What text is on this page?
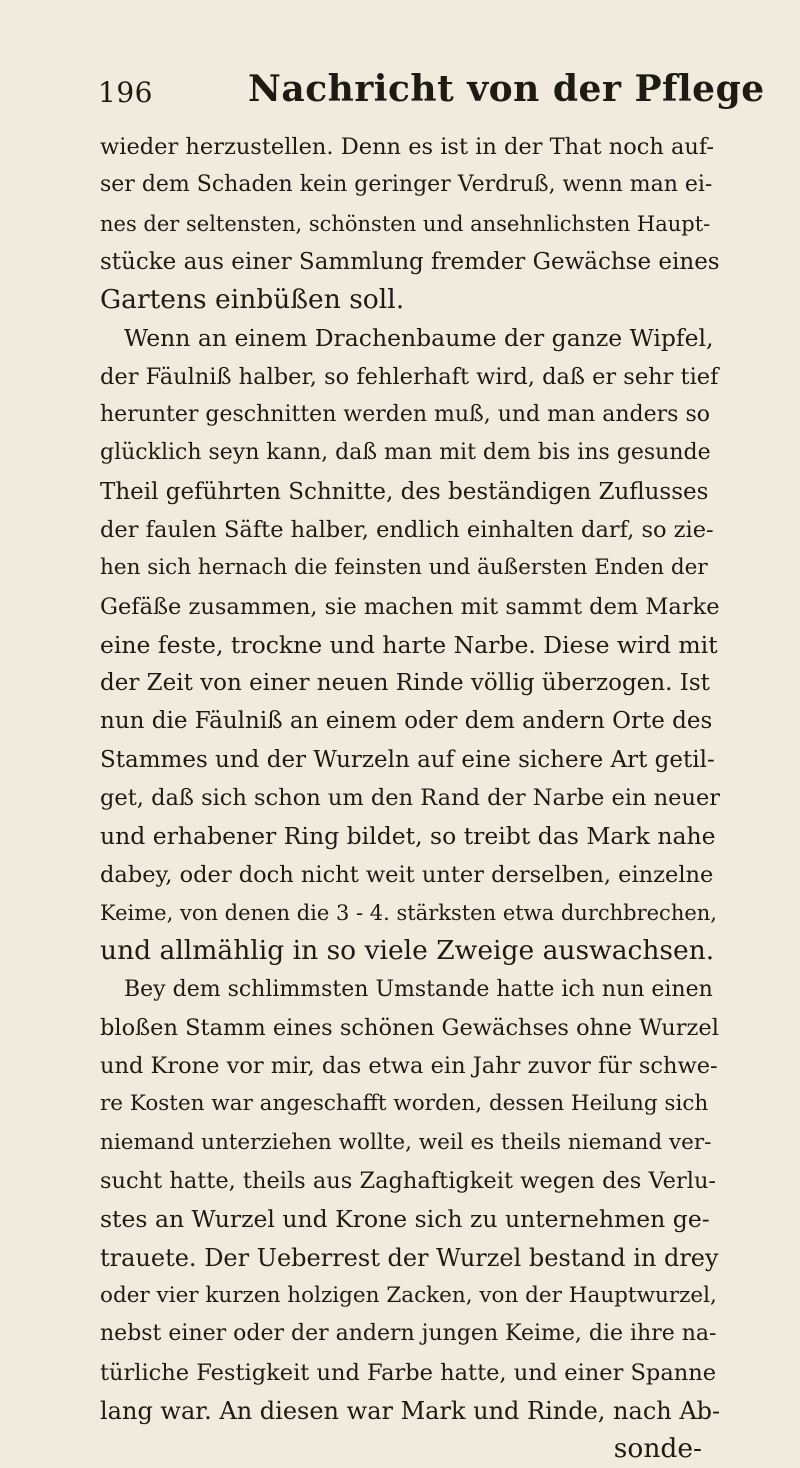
196	Nachricht von der Pflege
wieder herzustellen. Denn es ist in der That noch auf-
ser dem Schaden kein geringer Verdruß, wenn man ei-
nes der seltensten, schönsten und ansehnlichsten Haupt-
stücke aus einer Sammlung fremder Gewächse eines
Gartens einbüßen soll.
Wenn an einem Drachenbaume der ganze Wipfel,
der Fäulniß halber, so fehlerhaft wird, daß er sehr tief
herunter geschnitten werden muß, und man anders so
glücklich seyn kann, daß man mit dem bis ins gesunde
Theil geführten Schnitte, des beständigen Zuflusses
der faulen Säfte halber, endlich einhalten darf, so zie-
hen sich hernach die feinsten und äußersten Enden der
Gefäße zusammen, sie machen mit sammt dem Marke
eine feste, trockne und harte Narbe. Diese wird mit
der Zeit von einer neuen Rinde völlig überzogen. Ist
nun die Fäulniß an einem oder dem andern Orte des
Stammes und der Wurzeln auf eine sichere Art getil-
get, daß sich schon um den Rand der Narbe ein neuer
und erhabener Ring bildet, so treibt das Mark nahe
dabey, oder doch nicht weit unter derselben, einzelne
Keime, von denen die 3 - 4. stärksten etwa durchbrechen,
und allmählig in so viele Zweige auswachsen.
Bey dem schlimmsten Umstande hatte ich nun einen
bloßen Stamm eines schönen Gewächses ohne Wurzel
und Krone vor mir, das etwa ein Jahr zuvor für schwe-
re Kosten war angeschafft worden, dessen Heilung sich
niemand unterziehen wollte, weil es theils niemand ver-
sucht hatte, theils aus Zaghaftigkeit wegen des Verlu-
stes an Wurzel und Krone sich zu unternehmen ge-
trauete. Der Ueberrest der Wurzel bestand in drey
oder vier kurzen holzigen Zacken, von der Hauptwurzel,
nebst einer oder der andern jungen Keime, die ihre na-
türliche Festigkeit und Farbe hatte, und einer Spanne
lang war. An diesen war Mark und Rinde, nach Ab-
sonde-
